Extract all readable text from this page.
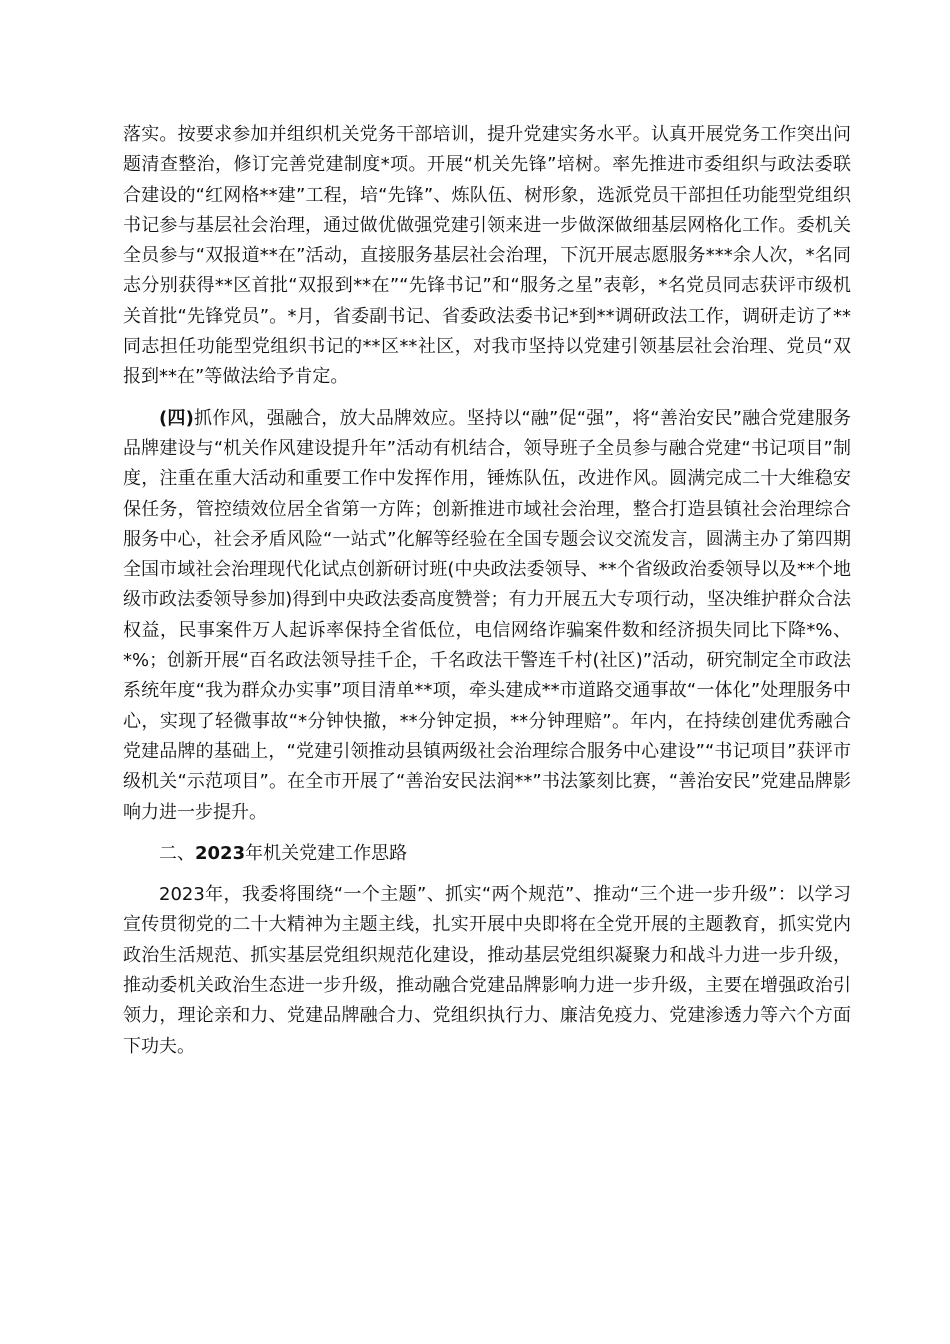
落实。按要求参加并组织机关党务干部培训，提升党建实务水平。认真开展党务工作突出问题清查整治，修订完善党建制度*项。开展“机关先锋”培树。率先推进市委组织与政法委联合建设的“红网格**建”工程，培“先锋”、炼队伍、树形象，选派党员干部担任功能型党组织书记参与基层社会治理，通过做优做强党建引领来进一步做深做细基层网格化工作。委机关全员参与“双报道**在”活动，直接服务基层社会治理，下沉开展志愿服务***余人次，*名同志分别获得**区首批“双报到**在”“先锋书记”和“服务之星”表彰，*名党员同志获评市级机关首批“先锋党员”。*月，省委副书记、省委政法委书记*到**调研政法工作，调研走访了**同志担任功能型党组织书记的**区**社区，对我市坚持以党建引领基层社会治理、党员“双报到**在”等做法给予肯定。

(四)抓作风，强融合，放大品牌效应。坚持以“融”促“强”，将“善治安民”融合党建服务品牌建设与“机关作风建设提升年”活动有机结合，领导班子全员参与融合党建“书记项目”制度，注重在重大活动和重要工作中发挥作用，锤炼队伍，改进作风。圆满完成二十大维稳安保任务，管控绩效位居全省第一方阵；创新推进市域社会治理，整合打造县镇社会治理综合服务中心，社会矛盾风险“一站式”化解等经验在全国专题会议交流发言，圆满主办了第四期全国市域社会治理现代化试点创新研讨班(中央政法委领导、**个省级政治委领导以及**个地级市政法委领导参加)得到中央政法委高度赞誉；有力开展五大专项行动，坚决维护群众合法权益，民事案件万人起诉率保持全省低位，电信网络诈骗案件数和经济损失同比下降*%、*%；创新开展“百名政法领导挂千企，千名政法干警连千村(社区)”活动，研究制定全市政法系统年度“我为群众办实事”项目清单**项，牵头建成**市道路交通事故“一体化”处理服务中心，实现了轻微事故“*分钟快撤，**分钟定损，**分钟理赔”。年内，在持续创建优秀融合党建品牌的基础上，“党建引领推动县镇两级社会治理综合服务中心建设”“书记项目”获评市级机关“示范项目”。在全市开展了“善治安民法润**”书法篆刻比赛，“善治安民”党建品牌影响力进一步提升。

二、2023年机关党建工作思路

2023年，我委将围绕“一个主题”、抓实“两个规范”、推动“三个进一步升级”：以学习宣传贯彻党的二十大精神为主题主线，扎实开展中央即将在全党开展的主题教育，抓实党内政治生活规范、抓实基层党组织规范化建设，推动基层党组织凝聚力和战斗力进一步升级，推动委机关政治生态进一步升级，推动融合党建品牌影响力进一步升级，主要在增强政治引领力，理论亲和力、党建品牌融合力、党组织执行力、廉洁免疫力、党建渗透力等六个方面下功夫。
